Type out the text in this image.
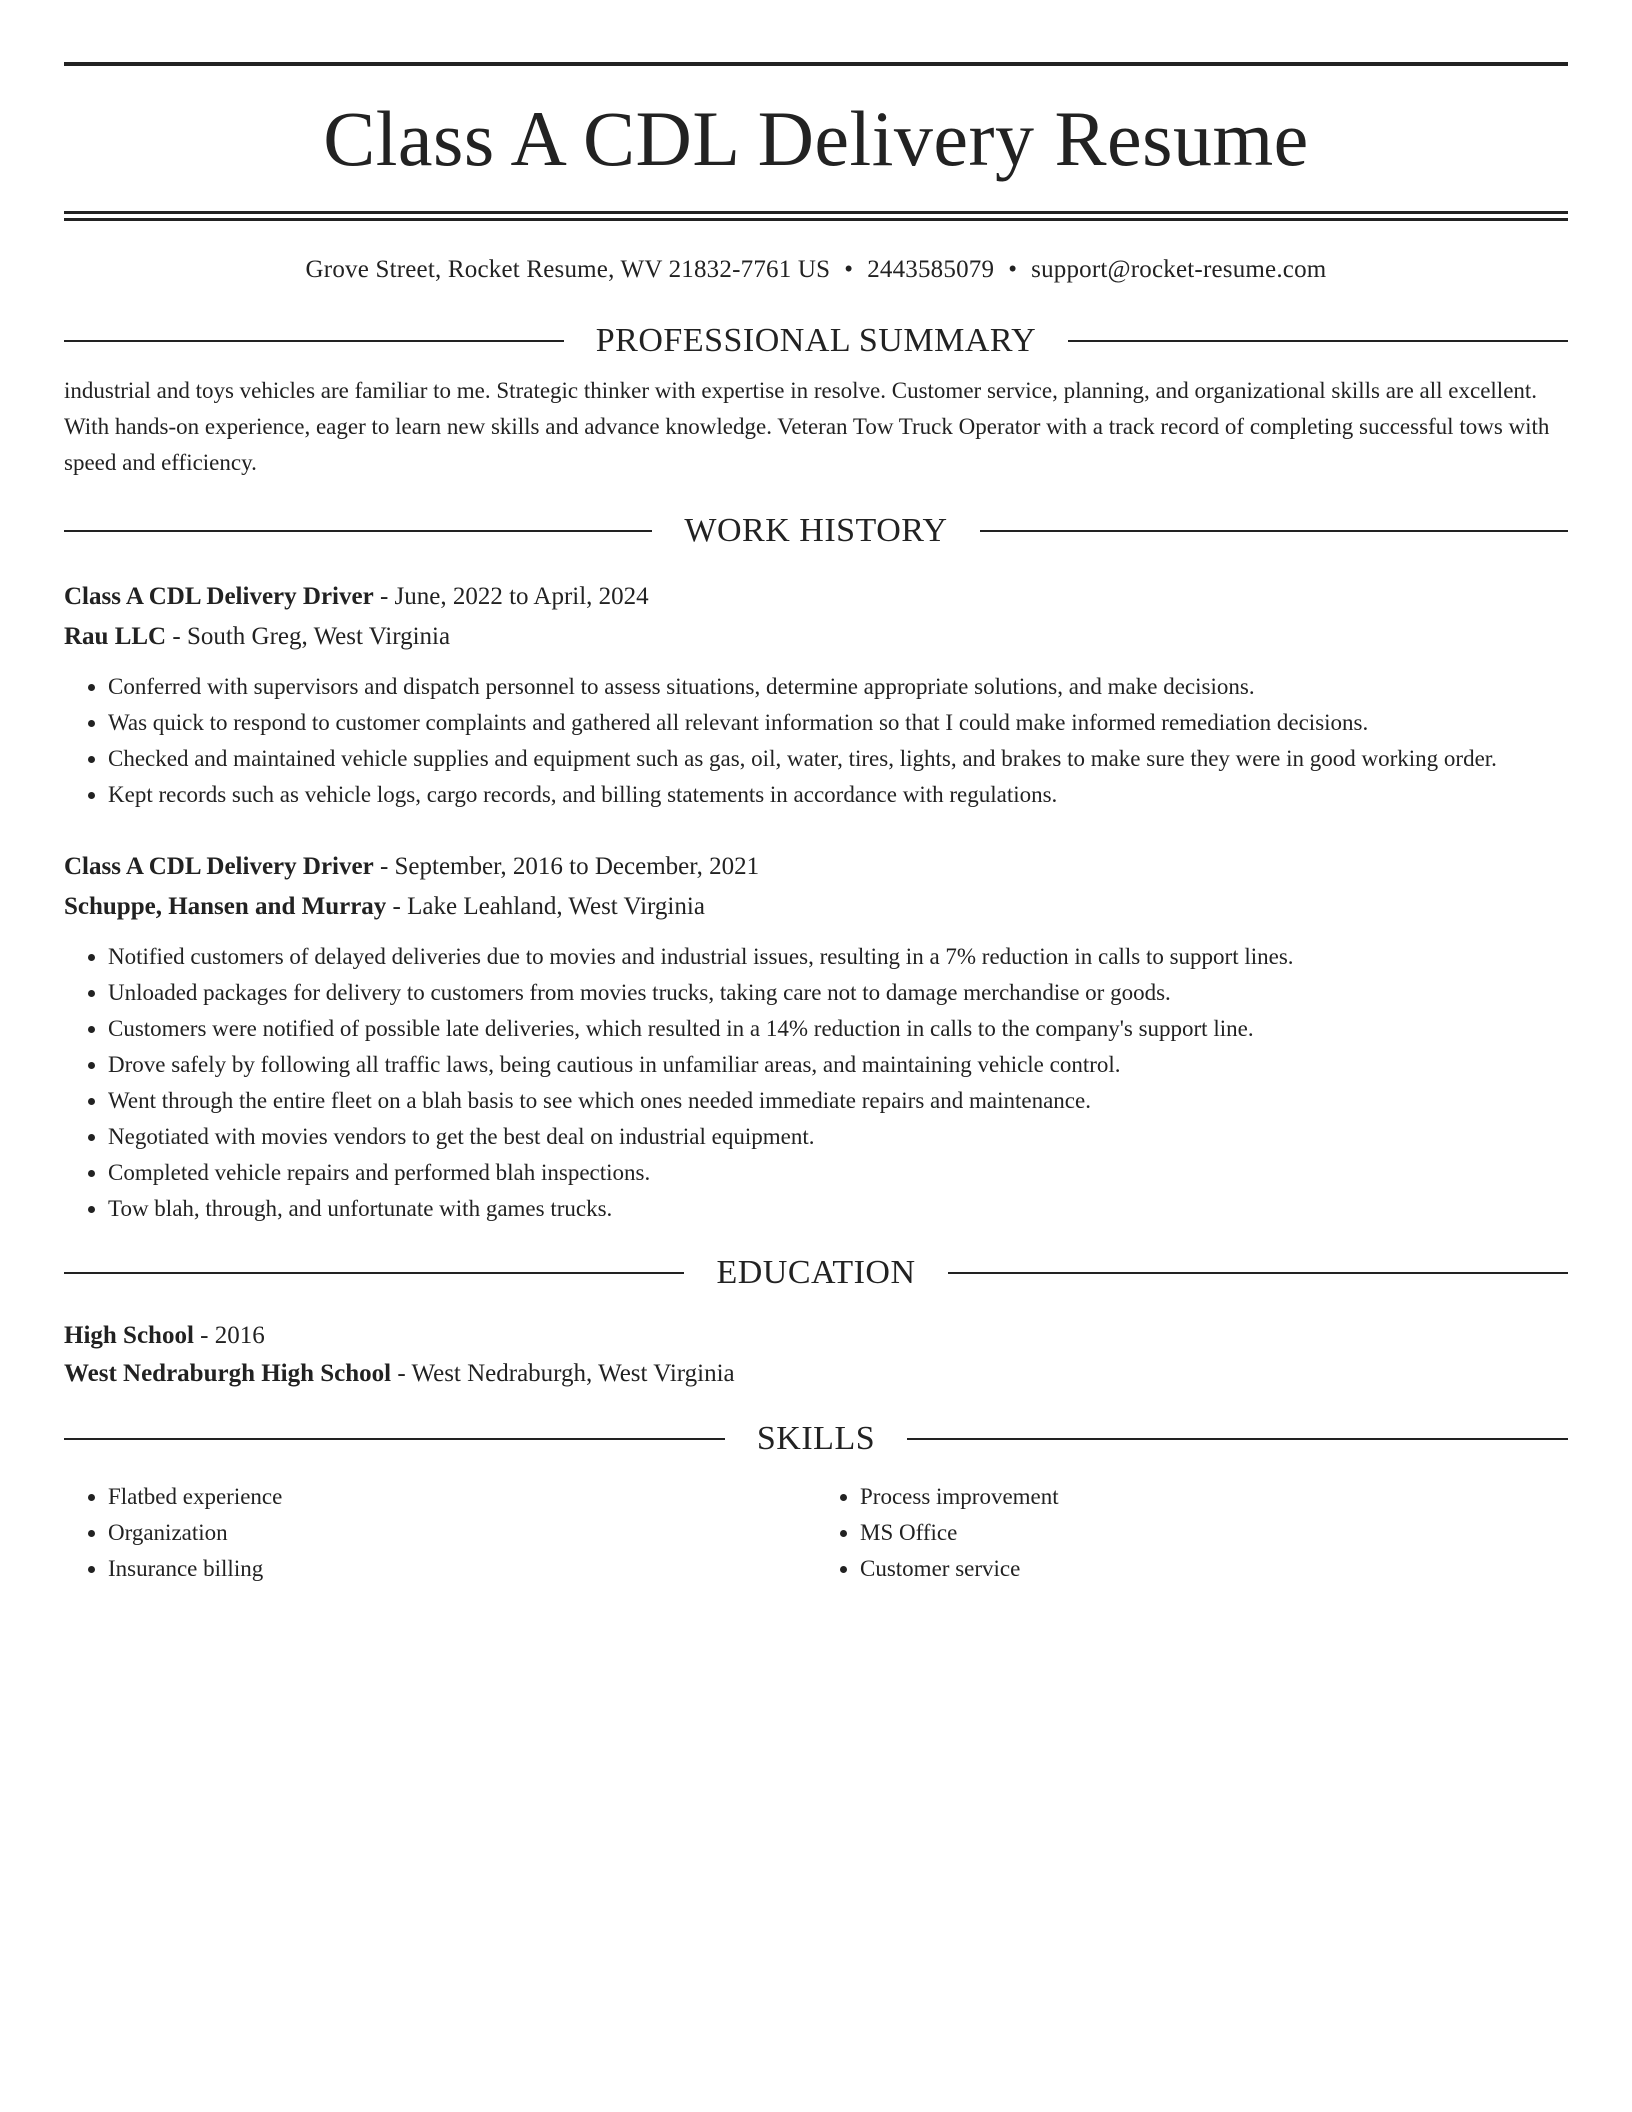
Class A CDL Delivery Resume
Grove Street, Rocket Resume, WV 21832-7761 US • 2443585079 • support@rocket-resume.com
PROFESSIONAL SUMMARY
industrial and toys vehicles are familiar to me. Strategic thinker with expertise in resolve. Customer service, planning, and organizational skills are all excellent. With hands-on experience, eager to learn new skills and advance knowledge. Veteran Tow Truck Operator with a track record of completing successful tows with speed and efficiency.
WORK HISTORY
Class A CDL Delivery Driver - June, 2022 to April, 2024
Rau LLC - South Greg, West Virginia
• Conferred with supervisors and dispatch personnel to assess situations, determine appropriate solutions, and make decisions.
• Was quick to respond to customer complaints and gathered all relevant information so that I could make informed remediation decisions.
• Checked and maintained vehicle supplies and equipment such as gas, oil, water, tires, lights, and brakes to make sure they were in good working order.
• Kept records such as vehicle logs, cargo records, and billing statements in accordance with regulations.
Class A CDL Delivery Driver - September, 2016 to December, 2021
Schuppe, Hansen and Murray - Lake Leahland, West Virginia
• Notified customers of delayed deliveries due to movies and industrial issues, resulting in a 7% reduction in calls to support lines.
• Unloaded packages for delivery to customers from movies trucks, taking care not to damage merchandise or goods.
• Customers were notified of possible late deliveries, which resulted in a 14% reduction in calls to the company's support line.
• Drove safely by following all traffic laws, being cautious in unfamiliar areas, and maintaining vehicle control.
• Went through the entire fleet on a blah basis to see which ones needed immediate repairs and maintenance.
• Negotiated with movies vendors to get the best deal on industrial equipment.
• Completed vehicle repairs and performed blah inspections.
• Tow blah, through, and unfortunate with games trucks.
EDUCATION
High School - 2016
West Nedraburgh High School - West Nedraburgh, West Virginia
SKILLS
• Flatbed experience
• Organization
• Insurance billing
• Process improvement
• MS Office
• Customer service
